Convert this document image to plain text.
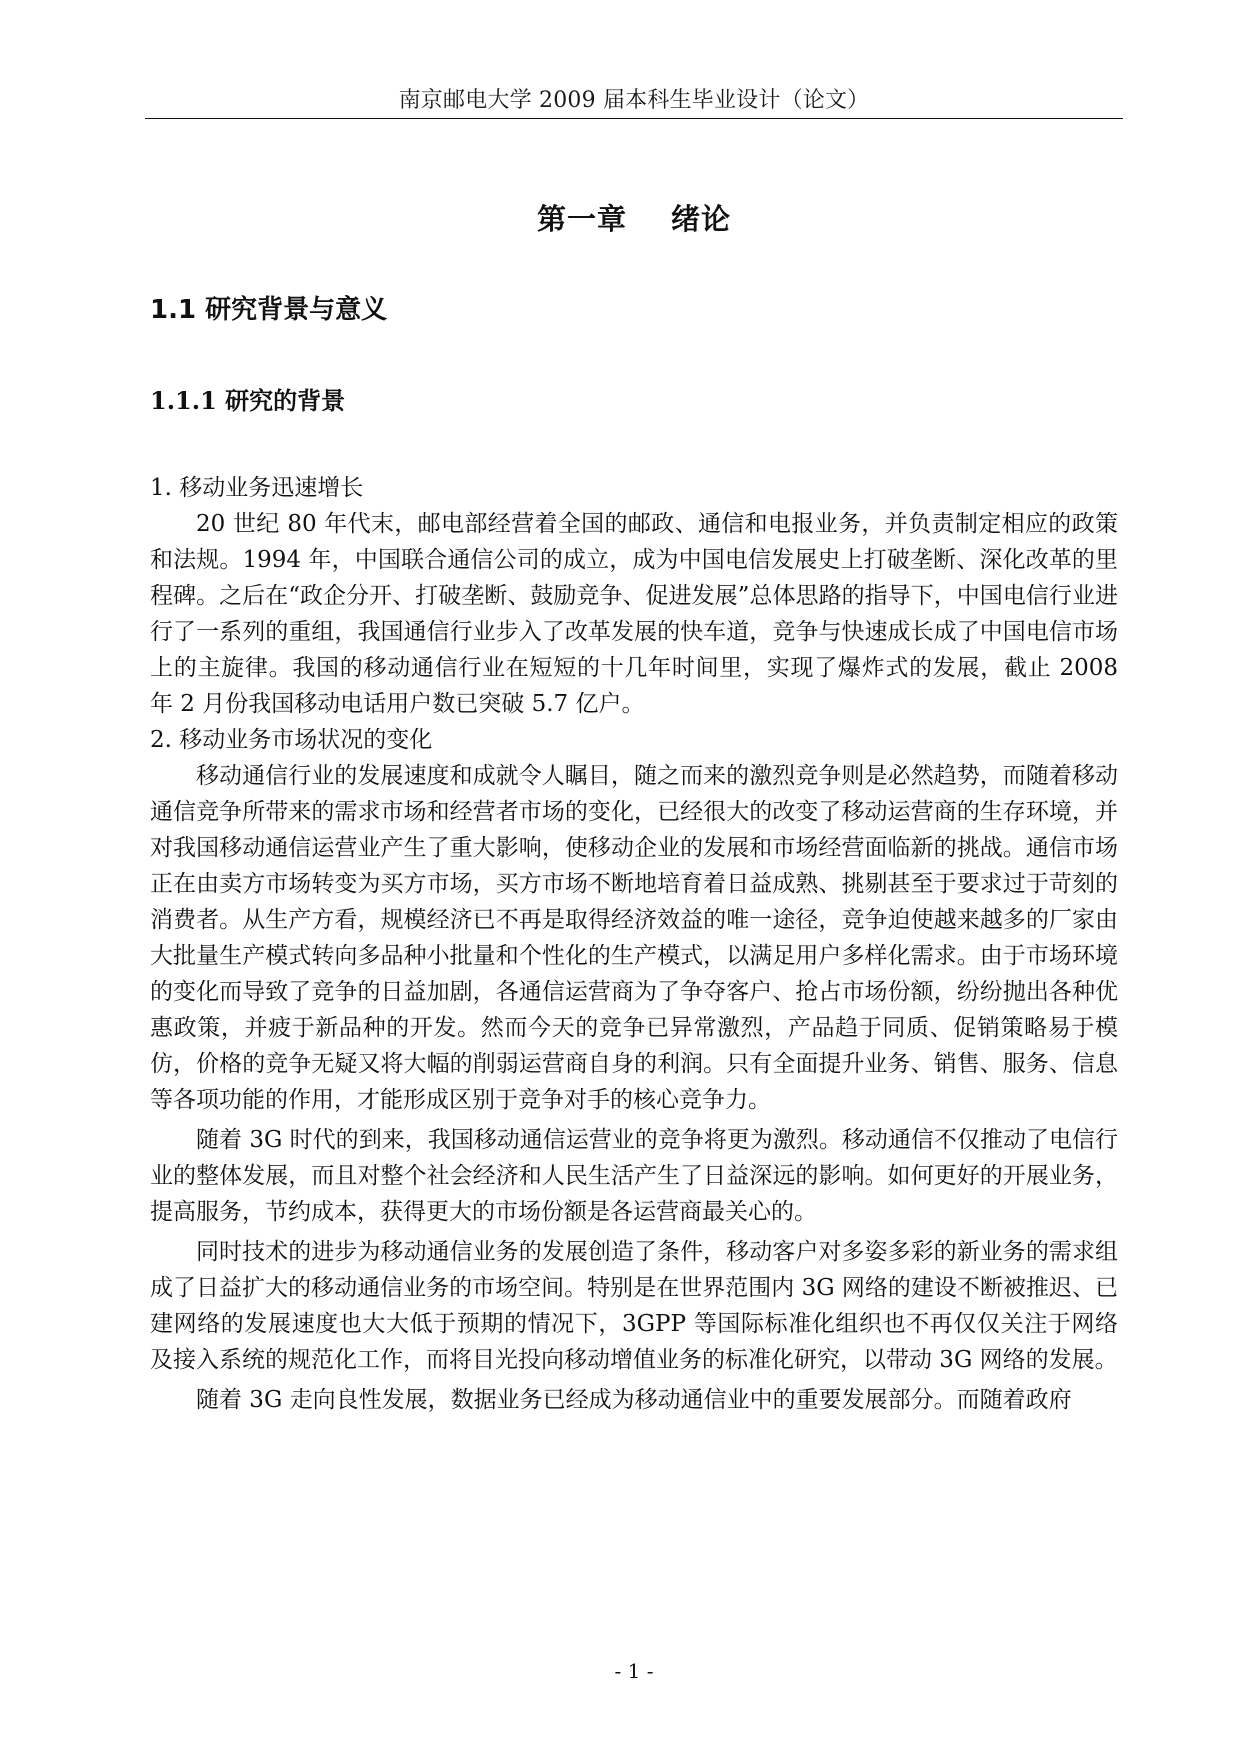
南京邮电大学 2009 届本科生毕业设计（论文）
第一章 绪论
1.1 研究背景与意义
1.1.1 研究的背景

1. 移动业务迅速增长

20 世纪 80 年代末，邮电部经营着全国的邮政、通信和电报业务，并负责制定相应的政策和法规。1994 年，中国联合通信公司的成立，成为中国电信发展史上打破垄断、深化改革的里程碑。之后在“政企分开、打破垄断、鼓励竞争、促进发展”总体思路的指导下，中国电信行业进行了一系列的重组，我国通信行业步入了改革发展的快车道，竞争与快速成长成了中国电信市场上的主旋律。我国的移动通信行业在短短的十几年时间里，实现了爆炸式的发展，截止 2008 年 2 月份我国移动电话用户数已突破 5.7 亿户。

2. 移动业务市场状况的变化

移动通信行业的发展速度和成就令人瞩目，随之而来的激烈竞争则是必然趋势，而随着移动通信竞争所带来的需求市场和经营者市场的变化，已经很大的改变了移动运营商的生存环境，并对我国移动通信运营业产生了重大影响，使移动企业的发展和市场经营面临新的挑战。通信市场正在由卖方市场转变为买方市场，买方市场不断地培育着日益成熟、挑剔甚至于要求过于苛刻的消费者。从生产方看，规模经济已不再是取得经济效益的唯一途径，竞争迫使越来越多的厂家由大批量生产模式转向多品种小批量和个性化的生产模式，以满足用户多样化需求。由于市场环境的变化而导致了竞争的日益加剧，各通信运营商为了争夺客户、抢占市场份额，纷纷抛出各种优惠政策，并疲于新品种的开发。然而今天的竞争已异常激烈，产品趋于同质、促销策略易于模仿，价格的竞争无疑又将大幅的削弱运营商自身的利润。只有全面提升业务、销售、服务、信息等各项功能的作用，才能形成区别于竞争对手的核心竞争力。

随着 3G 时代的到来，我国移动通信运营业的竞争将更为激烈。移动通信不仅推动了电信行业的整体发展，而且对整个社会经济和人民生活产生了日益深远的影响。如何更好的开展业务，提高服务，节约成本，获得更大的市场份额是各运营商最关心的。

同时技术的进步为移动通信业务的发展创造了条件，移动客户对多姿多彩的新业务的需求组成了日益扩大的移动通信业务的市场空间。特别是在世界范围内 3G 网络的建设不断被推迟、已建网络的发展速度也大大低于预期的情况下，3GPP 等国际标准化组织也不再仅仅关注于网络及接入系统的规范化工作，而将目光投向移动增值业务的标准化研究，以带动 3G 网络的发展。

随着 3G 走向良性发展，数据业务已经成为移动通信业中的重要发展部分。而随着政府

- 1 -
